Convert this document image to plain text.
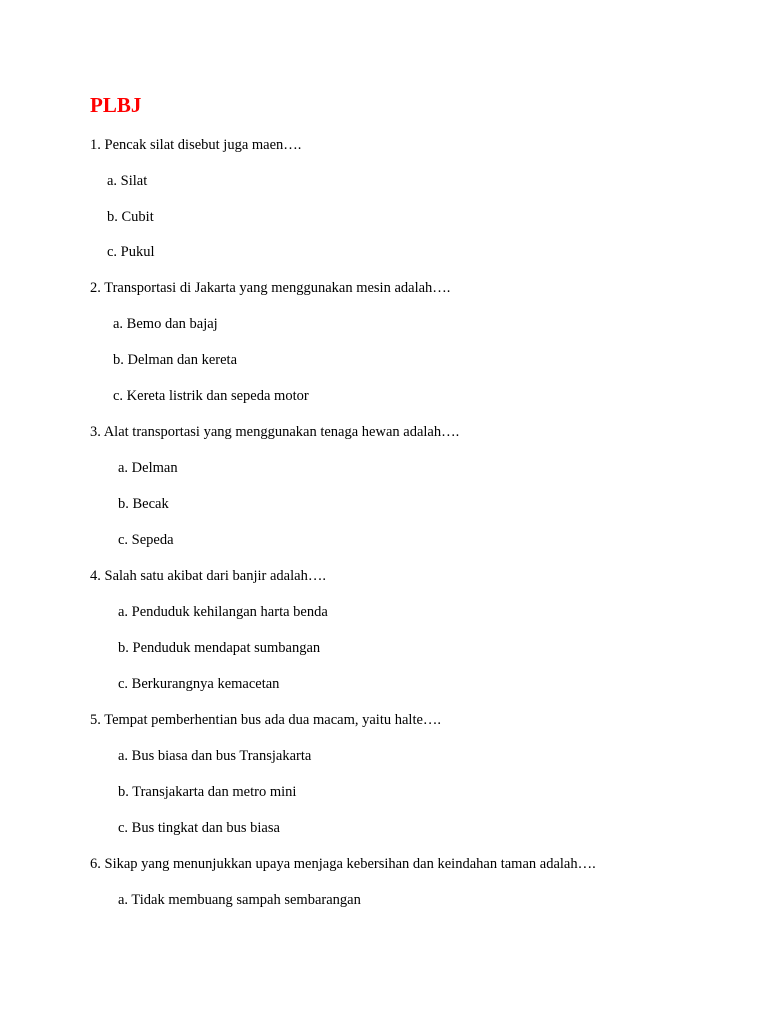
PLBJ
1. Pencak silat disebut juga maen….
a. Silat
b. Cubit
c. Pukul
2. Transportasi di Jakarta yang menggunakan mesin adalah….
a. Bemo dan bajaj
b. Delman dan kereta
c. Kereta listrik dan sepeda motor
3. Alat transportasi yang menggunakan tenaga hewan adalah….
a. Delman
b. Becak
c. Sepeda
4. Salah satu akibat dari banjir adalah….
a. Penduduk kehilangan harta benda
b. Penduduk mendapat sumbangan
c. Berkurangnya kemacetan
5. Tempat pemberhentian bus ada dua macam, yaitu halte….
a. Bus biasa dan bus Transjakarta
b. Transjakarta dan metro mini
c. Bus tingkat dan bus biasa
6. Sikap yang menunjukkan upaya menjaga kebersihan dan keindahan taman adalah….
a. Tidak membuang sampah sembarangan
